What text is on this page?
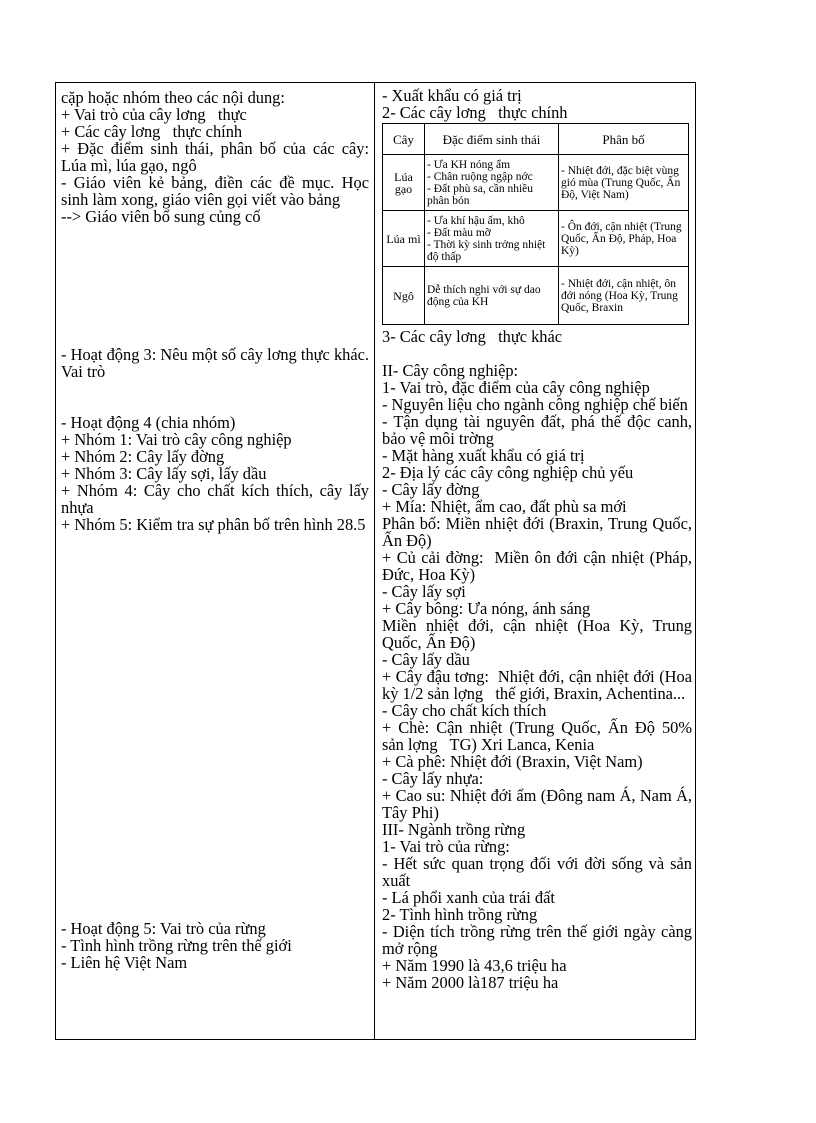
cặp hoặc nhóm theo các nội dung:
+ Vai trò của cây lơng   thực
+ Các cây lơng   thực chính
+ Đặc điểm sinh thái, phân bố của các cây: Lúa mì, lúa gạo, ngô
- Giáo viên kẻ bảng, điền các đề mục. Học sinh làm xong, giáo viên gọi viết vào bảng
--> Giáo viên bổ sung củng cố
- Hoạt động 3: Nêu một số cây lơng thực khác. Vai trò
- Hoạt động 4 (chia nhóm)
+ Nhóm 1: Vai trò cây công nghiệp
+ Nhóm 2: Cây lấy đờng
+ Nhóm 3: Cây lấy sợi, lấy dầu
+ Nhóm 4: Cây cho chất kích thích, cây lấy nhựa
+ Nhóm 5: Kiểm tra sự phân bố trên hình 28.5
- Hoạt động 5: Vai trò của rừng
- Tình hình trồng rừng trên thế giới
- Liên hệ Việt Nam
- Xuất khẩu có giá trị
2- Các cây lơng   thực chính
Cây	Đặc điểm sinh thái	Phân bố
Lúa gạo	- Ưa KH nóng ẩm
- Chân ruộng ngập nớc
- Đất phù sa, cần nhiều phân bón	- Nhiệt đới, đặc biệt vùng gió mùa (Trung Quốc, Ấn Độ, Việt Nam)
Lúa mì	- Ưa khí hậu ấm, khô
- Đất màu mỡ
- Thời kỳ sinh trởng nhiệt độ thấp	- Ôn đới, cận nhiệt (Trung Quốc, Ấn Độ, Pháp, Hoa Kỳ)
Ngô	Dễ thích nghi với sự dao động của KH	- Nhiệt đới, cận nhiệt, ôn đới nóng (Hoa Kỳ, Trung Quốc, Braxin
3- Các cây lơng   thực khác
II- Cây công nghiệp:
1- Vai trò, đặc điểm của cây công nghiệp
- Nguyên liệu cho ngành công nghiệp chế biến
- Tận dụng tài nguyên đất, phá thế độc canh, bảo vệ môi trờng
- Mặt hàng xuất khẩu có giá trị
2- Địa lý các cây công nghiệp chủ yếu
- Cây lấy đờng
+ Mía: Nhiệt, ẩm cao, đất phù sa mới
Phân bố: Miền nhiệt đới (Braxin, Trung Quốc, Ấn Độ)
+ Củ cải đờng:  Miền ôn đới cận nhiệt (Pháp, Đức, Hoa Kỳ)
- Cây lấy sợi
+ Cây bông: Ưa nóng, ánh sáng
Miền nhiệt đới, cận nhiệt (Hoa Kỳ, Trung Quốc, Ấn Độ)
- Cây lấy dầu
+ Cây đậu tơng:  Nhiệt đới, cận nhiệt đới (Hoa kỳ 1/2 sản lợng   thế giới, Braxin, Achentina...
- Cây cho chất kích thích
+ Chè: Cận nhiệt (Trung Quốc, Ấn Độ 50% sản lợng   TG) Xri Lanca, Kenia
+ Cà phê: Nhiệt đới (Braxin, Việt Nam)
- Cây lấy nhựa:
+ Cao su: Nhiệt đới ẩm (Đông nam Á, Nam Á, Tây Phi)
III- Ngành trồng rừng
1- Vai trò của rừng:
- Hết sức quan trọng đối với đời sống và sản xuất
- Lá phổi xanh của trái đất
2- Tình hình trồng rừng
- Diện tích trồng rừng trên thế giới ngày càng mở rộng
+ Năm 1990 là 43,6 triệu ha
+ Năm 2000 là187 triệu ha
